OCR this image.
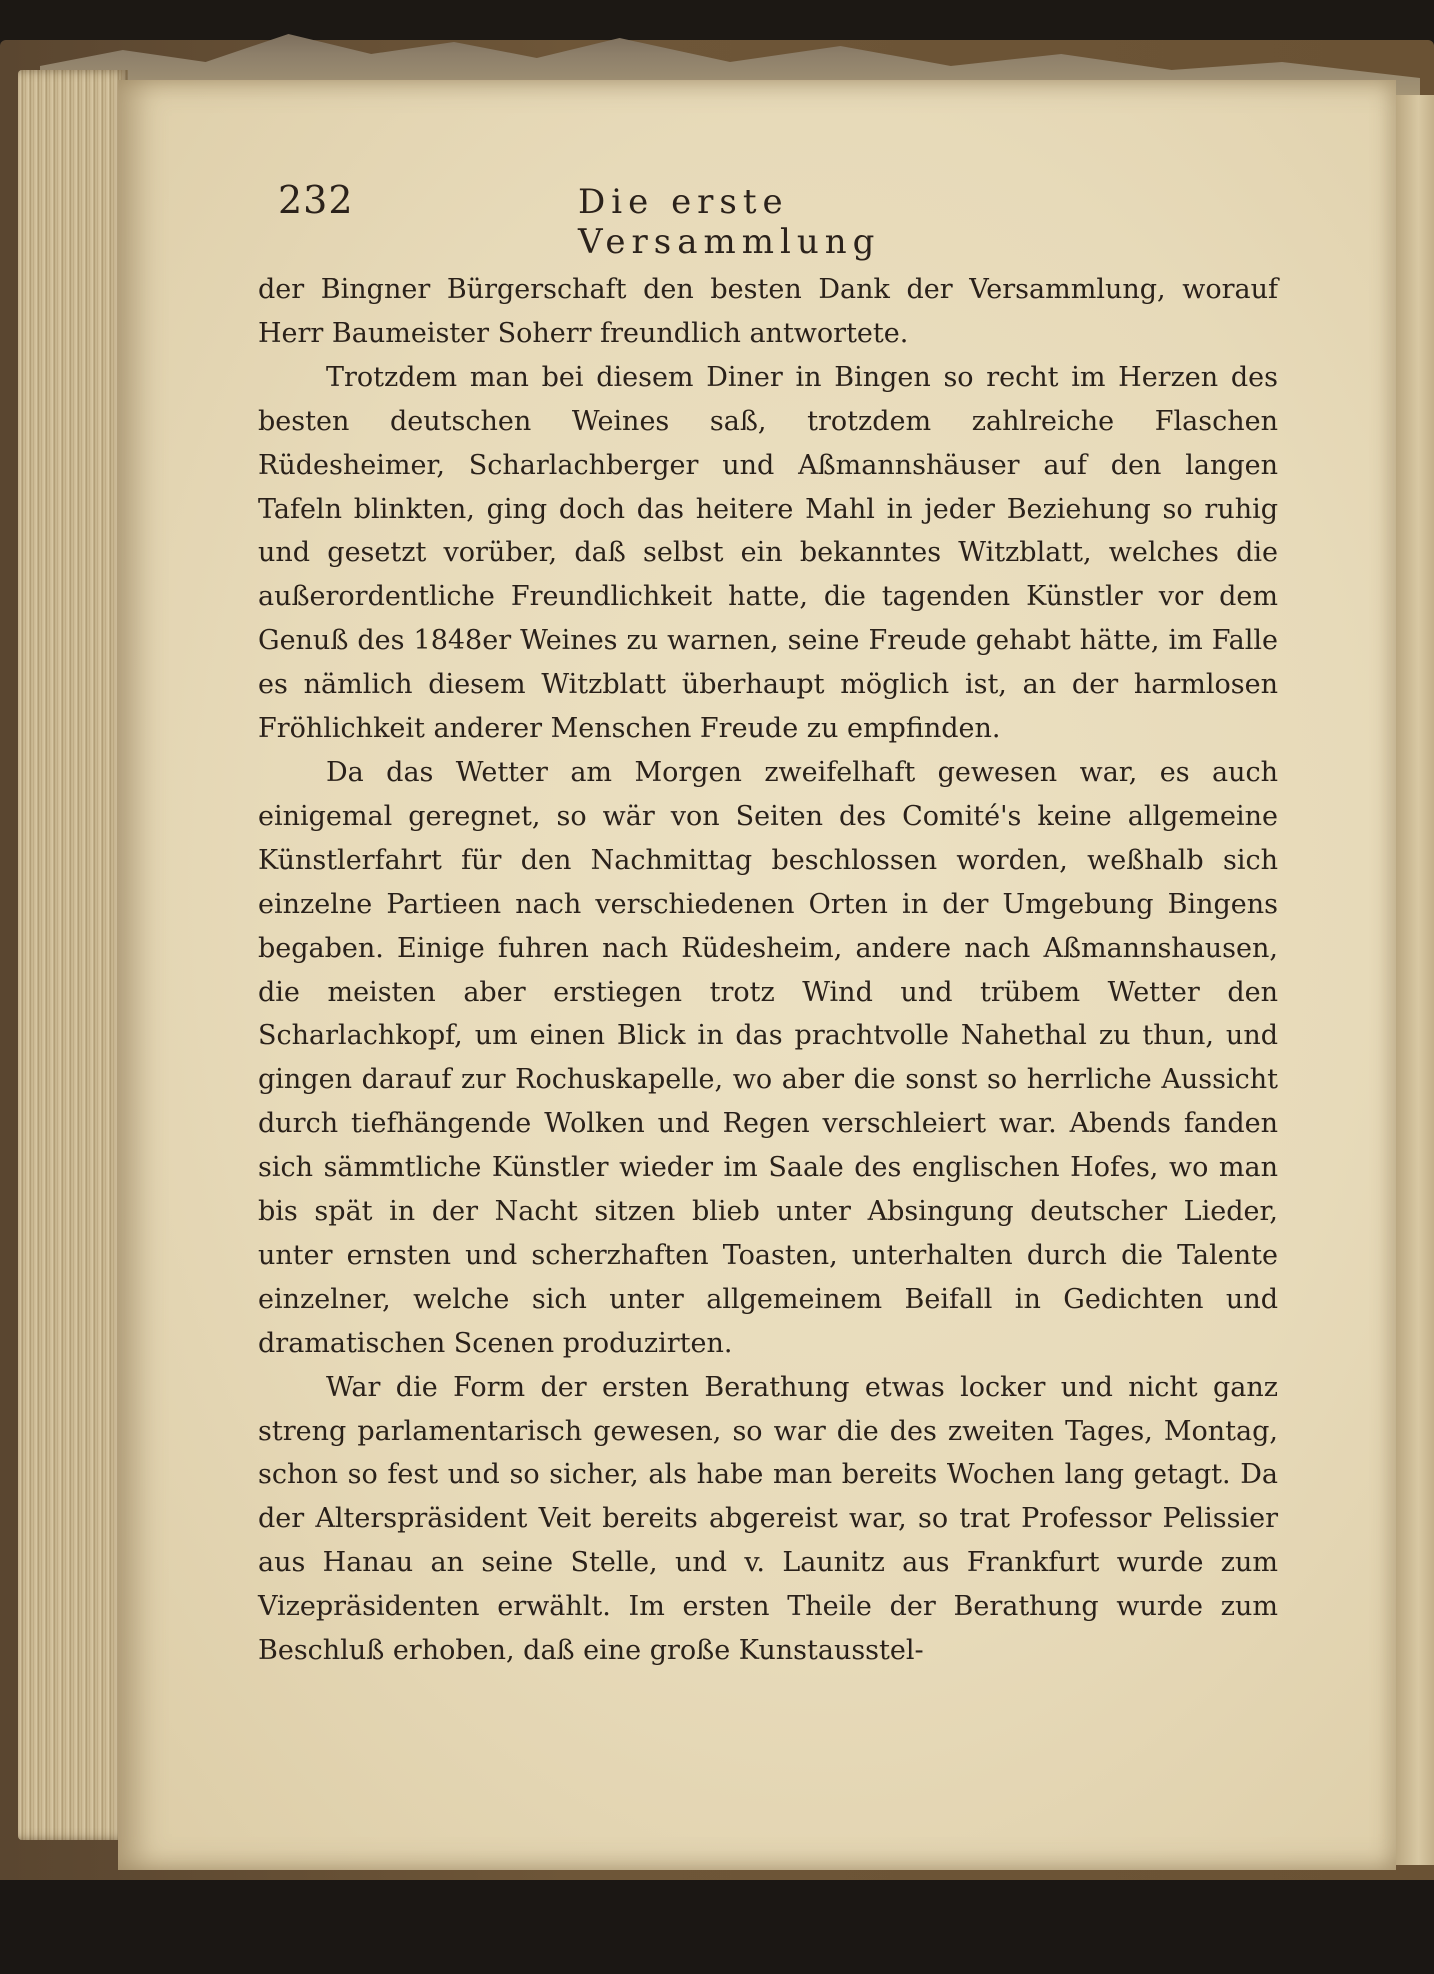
232	Die erste Versammlung

der Bingner Bürgerschaft den besten Dank der Versammlung, worauf Herr Baumeister Soherr freundlich antwortete.

Trotzdem man bei diesem Diner in Bingen so recht im Herzen des besten deutschen Weines saß, trotzdem zahlreiche Flaschen Rüdesheimer, Scharlachberger und Aßmannshäuser auf den langen Tafeln blinkten, ging doch das heitere Mahl in jeder Beziehung so ruhig und gesetzt vorüber, daß selbst ein bekanntes Witzblatt, welches die außerordentliche Freundlichkeit hatte, die tagenden Künstler vor dem Genuß des 1848er Weines zu warnen, seine Freude gehabt hätte, im Falle es nämlich diesem Witzblatt überhaupt möglich ist, an der harmlosen Fröhlichkeit anderer Menschen Freude zu empfinden.

Da das Wetter am Morgen zweifelhaft gewesen war, es auch einigemal geregnet, so wär von Seiten des Comité's keine allgemeine Künstlerfahrt für den Nachmittag beschlossen worden, weßhalb sich einzelne Partieen nach verschiedenen Orten in der Umgebung Bingens begaben. Einige fuhren nach Rüdesheim, andere nach Aßmannshausen, die meisten aber erstiegen trotz Wind und trübem Wetter den Scharlachkopf, um einen Blick in das prachtvolle Nahethal zu thun, und gingen darauf zur Rochuskapelle, wo aber die sonst so herrliche Aussicht durch tiefhängende Wolken und Regen verschleiert war. Abends fanden sich sämmtliche Künstler wieder im Saale des englischen Hofes, wo man bis spät in der Nacht sitzen blieb unter Absingung deutscher Lieder, unter ernsten und scherzhaften Toasten, unterhalten durch die Talente einzelner, welche sich unter allgemeinem Beifall in Gedichten und dramatischen Scenen produzirten.

War die Form der ersten Berathung etwas locker und nicht ganz streng parlamentarisch gewesen, so war die des zweiten Tages, Montag, schon so fest und so sicher, als habe man bereits Wochen lang getagt. Da der Alterspräsident Veit bereits abgereist war, so trat Professor Pelissier aus Hanau an seine Stelle, und v. Launitz aus Frankfurt wurde zum Vizepräsidenten erwählt. Im ersten Theile der Berathung wurde zum Beschluß erhoben, daß eine große Kunstausstel-
